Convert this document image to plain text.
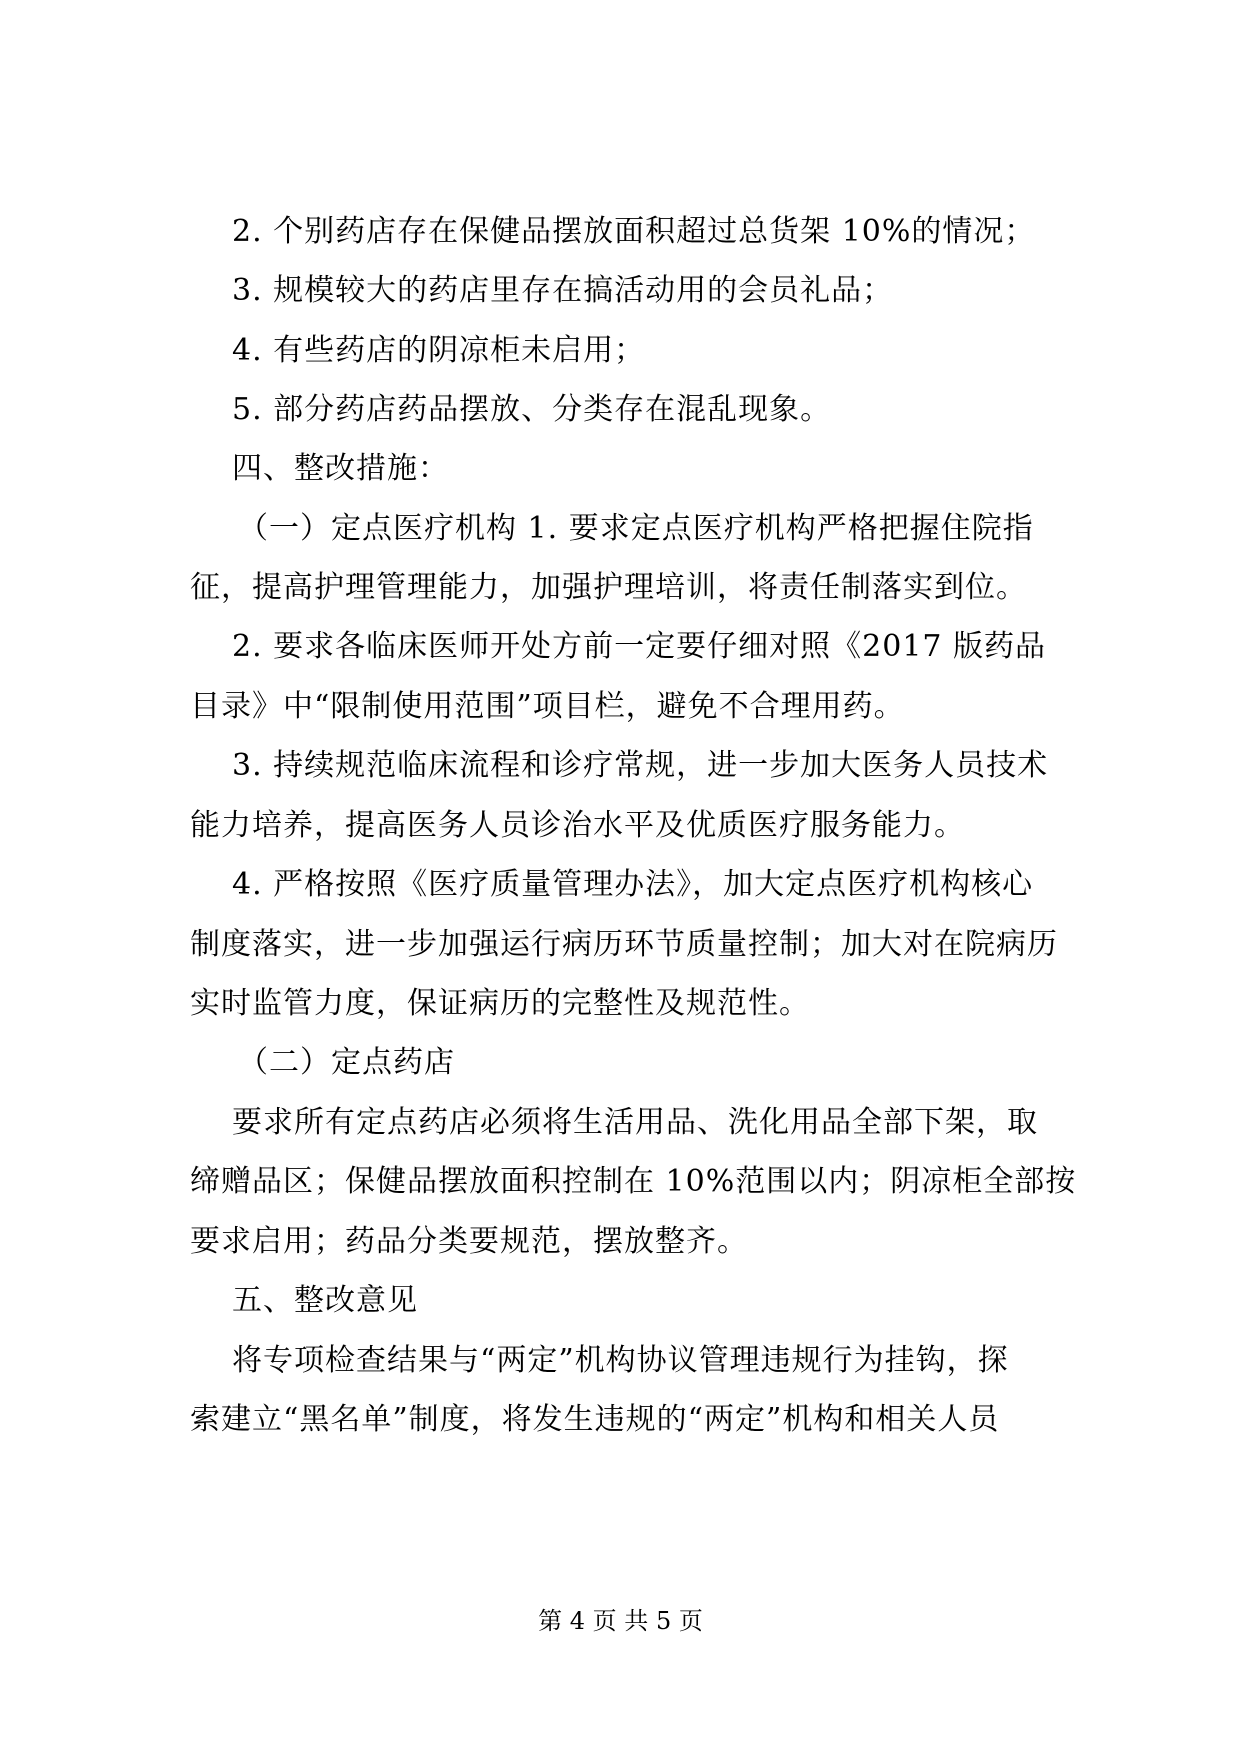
2. 个别药店存在保健品摆放面积超过总货架 10%的情况；
3. 规模较大的药店里存在搞活动用的会员礼品；
4. 有些药店的阴凉柜未启用；
5. 部分药店药品摆放、分类存在混乱现象。
四、整改措施：
（一）定点医疗机构 1. 要求定点医疗机构严格把握住院指
征，提高护理管理能力，加强护理培训，将责任制落实到位。
2. 要求各临床医师开处方前一定要仔细对照《2017 版药品
目录》中“限制使用范围”项目栏，避免不合理用药。
3. 持续规范临床流程和诊疗常规，进一步加大医务人员技术
能力培养，提高医务人员诊治水平及优质医疗服务能力。
4. 严格按照《医疗质量管理办法》，加大定点医疗机构核心
制度落实，进一步加强运行病历环节质量控制；加大对在院病历
实时监管力度，保证病历的完整性及规范性。
（二）定点药店
要求所有定点药店必须将生活用品、洗化用品全部下架，取
缔赠品区；保健品摆放面积控制在 10%范围以内；阴凉柜全部按
要求启用；药品分类要规范，摆放整齐。
五、整改意见
将专项检查结果与“两定”机构协议管理违规行为挂钩，探
索建立“黑名单”制度，将发生违规的“两定”机构和相关人员
第 4 页 共 5 页
